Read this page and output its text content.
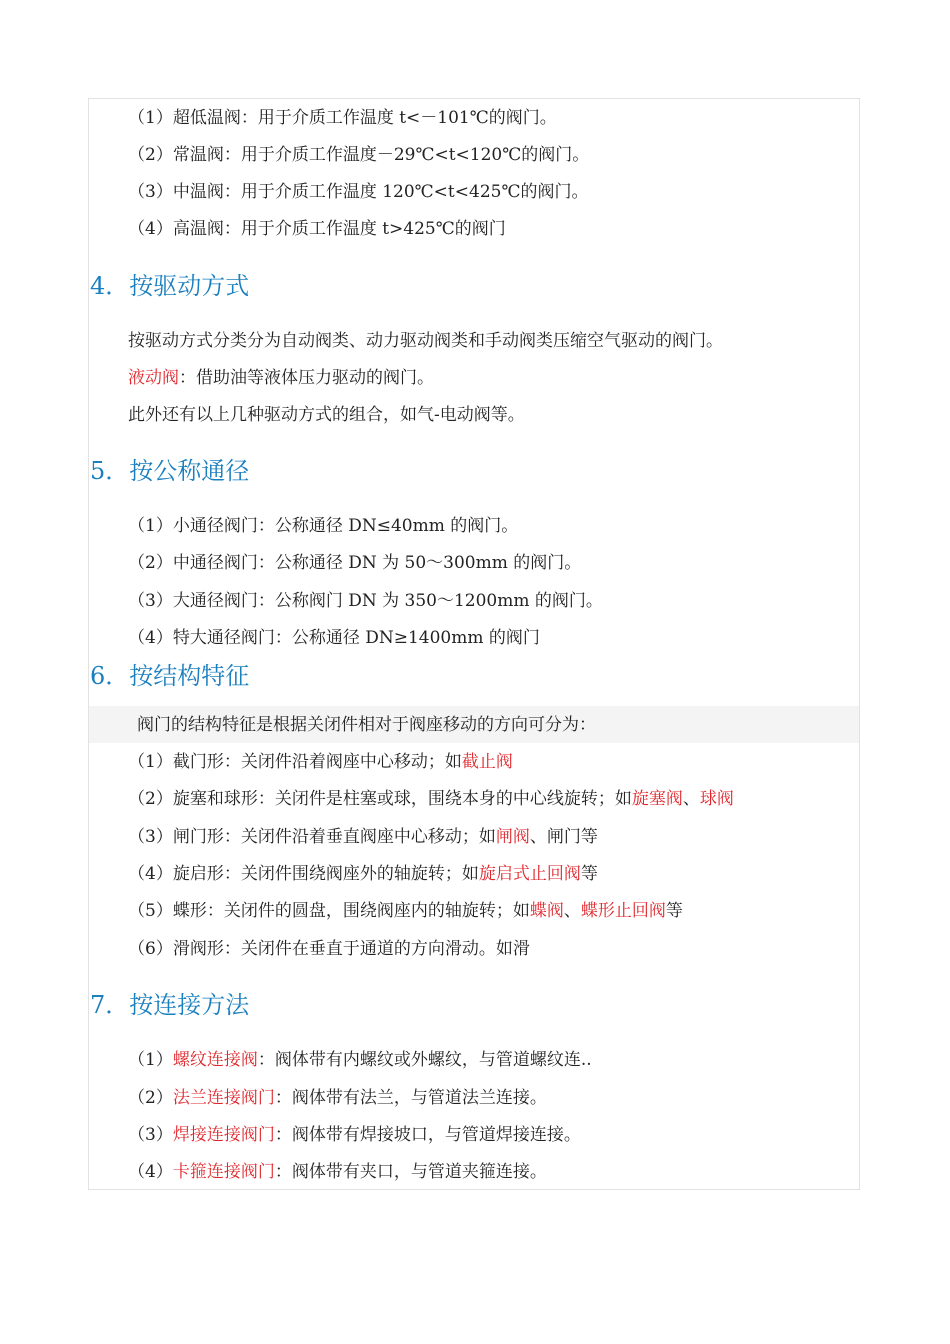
（1）超低温阀：用于介质工作温度 t<－101℃的阀门。
（2）常温阀：用于介质工作温度－29℃<t<120℃的阀门。
（3）中温阀：用于介质工作温度 120℃<t<425℃的阀门。
（4）高温阀：用于介质工作温度 t>425℃的阀门
4．按驱动方式
按驱动方式分类分为自动阀类、动力驱动阀类和手动阀类压缩空气驱动的阀门。
液动阀：借助油等液体压力驱动的阀门。
此外还有以上几种驱动方式的组合，如气-电动阀等。
5．按公称通径
（1）小通径阀门：公称通径 DN≤40mm 的阀门。
（2）中通径阀门：公称通径 DN 为 50～300mm 的阀门。
（3）大通径阀门：公称阀门 DN 为 350～1200mm 的阀门。
（4）特大通径阀门：公称通径 DN≥1400mm 的阀门
6．按结构特征
阀门的结构特征是根据关闭件相对于阀座移动的方向可分为：
（1）截门形：关闭件沿着阀座中心移动；如截止阀
（2）旋塞和球形：关闭件是柱塞或球，围绕本身的中心线旋转；如旋塞阀、球阀
（3）闸门形：关闭件沿着垂直阀座中心移动；如闸阀、闸门等
（4）旋启形：关闭件围绕阀座外的轴旋转；如旋启式止回阀等
（5）蝶形：关闭件的圆盘，围绕阀座内的轴旋转；如蝶阀、蝶形止回阀等
（6）滑阀形：关闭件在垂直于通道的方向滑动。如滑
7．按连接方法
（1）螺纹连接阀：阀体带有内螺纹或外螺纹，与管道螺纹连..
（2）法兰连接阀门：阀体带有法兰，与管道法兰连接。
（3）焊接连接阀门：阀体带有焊接坡口，与管道焊接连接。
（4）卡箍连接阀门：阀体带有夹口，与管道夹箍连接。
